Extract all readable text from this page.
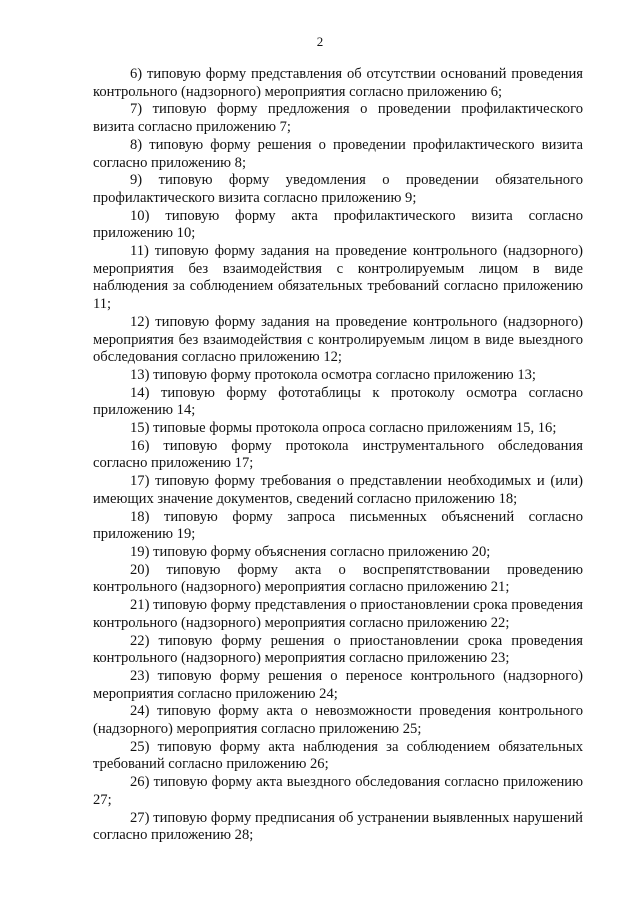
2

6) типовую форму представления об отсутствии оснований проведения контрольного (надзорного) мероприятия согласно приложению 6;

7) типовую форму предложения о проведении профилактического визита согласно приложению 7;

8) типовую форму решения о проведении профилактического визита согласно приложению 8;

9) типовую форму уведомления о проведении обязательного профилактического визита согласно приложению 9;

10) типовую форму акта профилактического визита согласно приложению 10;

11) типовую форму задания на проведение контрольного (надзорного) мероприятия без взаимодействия с контролируемым лицом в виде наблюдения за соблюдением обязательных требований согласно приложению 11;

12) типовую форму задания на проведение контрольного (надзорного) мероприятия без взаимодействия с контролируемым лицом в виде выездного обследования согласно приложению 12;

13) типовую форму протокола осмотра согласно приложению 13;

14) типовую форму фототаблицы к протоколу осмотра согласно приложению 14;

15) типовые формы протокола опроса согласно приложениям 15, 16;

16) типовую форму протокола инструментального обследования согласно приложению 17;

17) типовую форму требования о представлении необходимых и (или) имеющих значение документов, сведений согласно приложению 18;

18) типовую форму запроса письменных объяснений согласно приложению 19;

19) типовую форму объяснения согласно приложению 20;

20) типовую форму акта о воспрепятствовании проведению контрольного (надзорного) мероприятия согласно приложению 21;

21) типовую форму представления о приостановлении срока проведения контрольного (надзорного) мероприятия согласно приложению 22;

22) типовую форму решения о приостановлении срока проведения контрольного (надзорного) мероприятия согласно приложению 23;

23) типовую форму решения о переносе контрольного (надзорного) мероприятия согласно приложению 24;

24) типовую форму акта о невозможности проведения контрольного (надзорного) мероприятия согласно приложению 25;

25) типовую форму акта наблюдения за соблюдением обязательных требований согласно приложению 26;

26) типовую форму акта выездного обследования согласно приложению 27;

27) типовую форму предписания об устранении выявленных нарушений согласно приложению 28;
